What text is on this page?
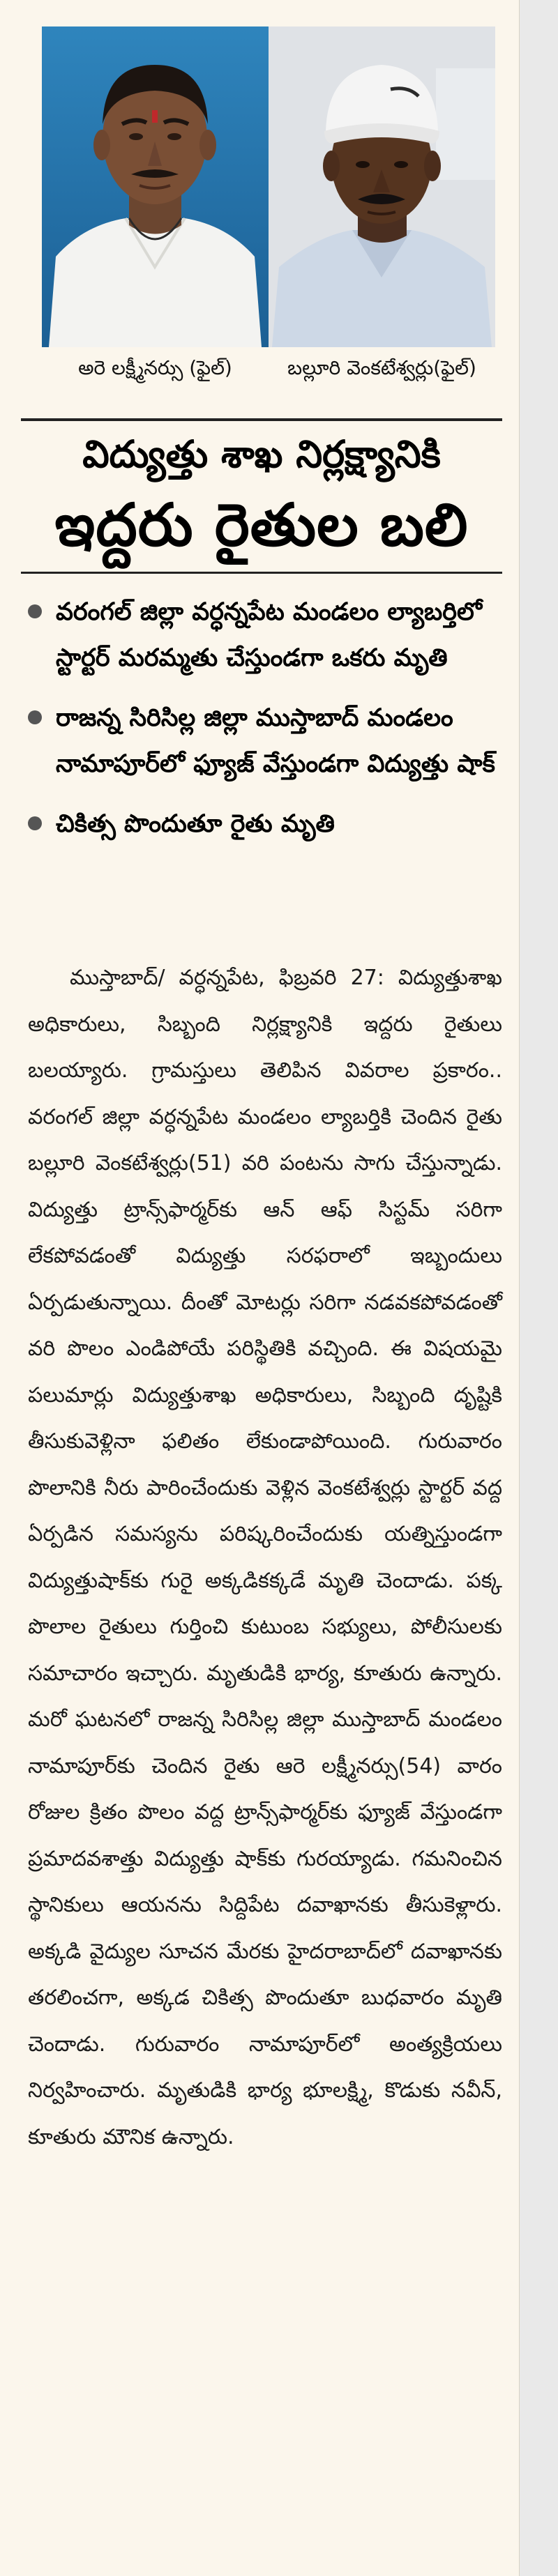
అరె లక్ష్మీనర్సు (ఫైల్)	బల్లూరి వెంకటేశ్వర్లు(ఫైల్)
విద్యుత్తు శాఖ నిర్లక్ష్యానికి
ఇద్దరు రైతుల బలి
వరంగల్ జిల్లా వర్ధన్నపేట మండలం ల్యాబర్తిలో స్టార్టర్ మరమ్మతు చేస్తుండగా ఒకరు మృతి
రాజన్న సిరిసిల్ల జిల్లా ముస్తాబాద్ మండలం నామాపూర్‌లో ఫ్యూజ్ వేస్తుండగా విద్యుత్తు షాక్
చికిత్స పొందుతూ రైతు మృతి
ముస్తాబాద్/ వర్ధన్నపేట, ఫిబ్రవరి 27: విద్యుత్తుశాఖ అధికారులు, సిబ్బంది నిర్లక్ష్యానికి ఇద్దరు రైతులు బలయ్యారు. గ్రామస్తులు తెలిపిన వివరాల ప్రకారం.. వరంగల్ జిల్లా వర్ధన్నపేట మండలం ల్యాబర్తికి చెందిన రైతు బల్లూరి వెంకటేశ్వర్లు(51) వరి పంటను సాగు చేస్తున్నాడు. విద్యుత్తు ట్రాన్స్‌ఫార్మర్‌కు ఆన్ ఆఫ్ సిస్టమ్ సరిగా లేకపోవడంతో విద్యుత్తు సరఫరాలో ఇబ్బందులు ఏర్పడుతున్నాయి. దీంతో మోటర్లు సరిగా నడవకపోవడంతో వరి పొలం ఎండిపోయే పరిస్థితికి వచ్చింది. ఈ విషయమై పలుమార్లు విద్యుత్తుశాఖ అధికారులు, సిబ్బంది దృష్టికి తీసుకువెళ్లినా ఫలితం లేకుండాపోయింది. గురువారం పొలానికి నీరు పారించేందుకు వెళ్లిన వెంకటేశ్వర్లు స్టార్టర్ వద్ద ఏర్పడిన సమస్యను పరిష్కరించేందుకు యత్నిస్తుండగా విద్యుత్తుషాక్‌కు గురై అక్కడికక్కడే మృతి చెందాడు. పక్క పొలాల రైతులు గుర్తించి కుటుంబ సభ్యులు, పోలీసులకు సమాచారం ఇచ్చారు. మృతుడికి భార్య, కూతురు ఉన్నారు. మరో ఘటనలో రాజన్న సిరిసిల్ల జిల్లా ముస్తాబాద్ మండలం నామాపూర్‌కు చెందిన రైతు ఆరె లక్ష్మీనర్సు(54) వారం రోజుల క్రితం పొలం వద్ద ట్రాన్స్‌ఫార్మర్‌కు ఫ్యూజ్ వేస్తుండగా ప్రమాదవశాత్తు విద్యుత్తు షాక్‌కు గురయ్యాడు. గమనించిన స్థానికులు ఆయనను సిద్దిపేట దవాఖానకు తీసుకెళ్లారు. అక్కడి వైద్యుల సూచన మేరకు హైదరాబాద్‌లో దవాఖానకు తరలించగా, అక్కడ చికిత్స పొందుతూ బుధవారం మృతి చెందాడు. గురువారం నామాపూర్‌లో అంత్యక్రియలు నిర్వహించారు. మృతుడికి భార్య భూలక్ష్మి, కొడుకు నవీన్, కూతురు మౌనిక ఉన్నారు.
